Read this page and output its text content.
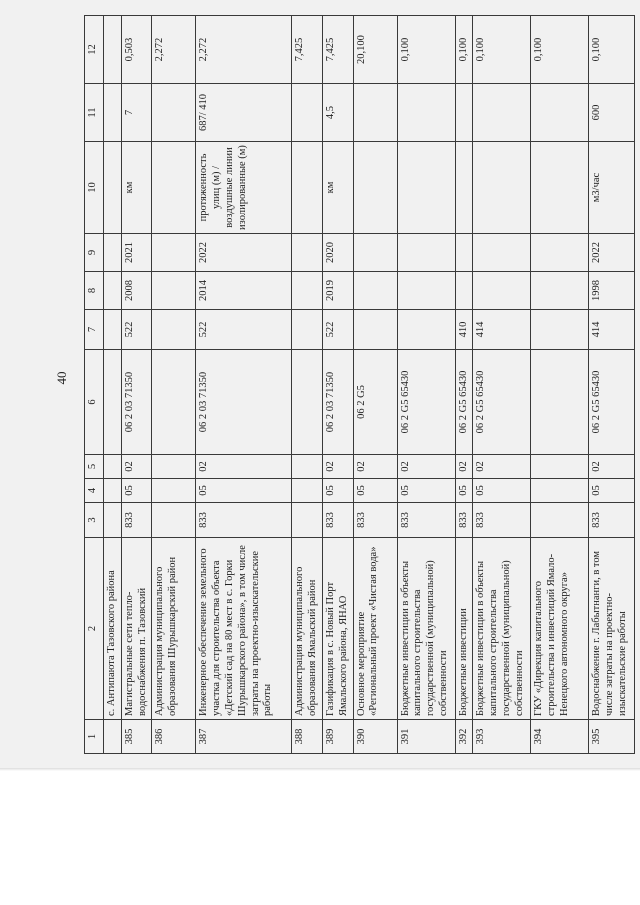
40
1	2	3	4	5	6	7	8	9	10	11	12
	с. Антипаюта Тазовского района										
385	Магистральные сети тепло-водоснабжения п. Тазовский	833	05	02	06 2 03 71350	522	2008	2021	км	7	0,503
386	Администрация муниципального образования Шурышкарский район										2,272
387	Инженерное обеспечение земельного участка для строительства объекта «Детский сад на 80 мест в с. Горки Шурышкарского района», в том числе затраты на проектно-изыскательские работы	833	05	02	06 2 03 71350	522	2014	2022	протяженность улиц (м) /воздушные линии изолированные (м)	687/ 410	2,272
388	Администрация муниципального образования Ямальский район										7,425
389	Газификация в с. Новый Порт Ямальского района, ЯНАО	833	05	02	06 2 03 71350	522	2019	2020	км	4,5	7,425
390	Основное мероприятие «Региональный проект «Чистая вода»	833	05	02	06 2 G5						20,100
391	Бюджетные инвестиции в объекты капитального строительства государственной (муниципальной) собственности	833	05	02	06 2 G5 65430						0,100
392	Бюджетные инвестиции	833	05	02	06 2 G5 65430	410					0,100
393	Бюджетные инвестиции в объекты капитального строительства государственной (муниципальной) собственности	833	05	02	06 2 G5 65430	414					0,100
394	ГКУ «Дирекция капитального строительства и инвестиций Ямало-Ненецкого автономного округа»										0,100
395	Водоснабжение г. Лабытнанги, в том числе затраты на проектно-изыскательские работы	833	05	02	06 2 G5 65430	414	1998	2022	м3/час	600	0,100
